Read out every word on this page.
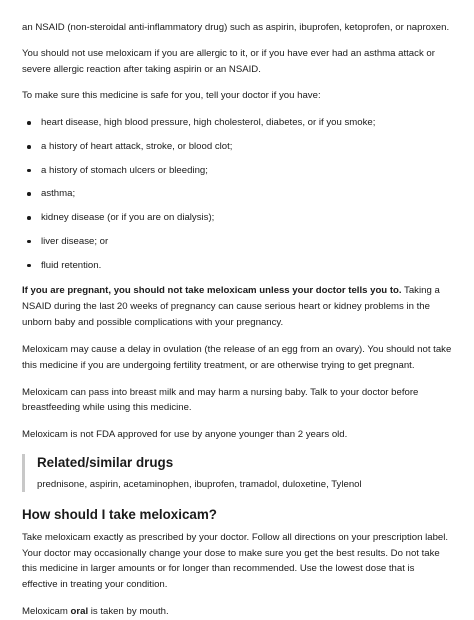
an NSAID (non-steroidal anti-inflammatory drug) such as aspirin, ibuprofen, ketoprofen, or naproxen.

You should not use meloxicam if you are allergic to it, or if you have ever had an asthma attack or severe allergic reaction after taking aspirin or an NSAID.

To make sure this medicine is safe for you, tell your doctor if you have:

heart disease, high blood pressure, high cholesterol, diabetes, or if you smoke;
a history of heart attack, stroke, or blood clot;
a history of stomach ulcers or bleeding;
asthma;
kidney disease (or if you are on dialysis);
liver disease; or
fluid retention.

If you are pregnant, you should not take meloxicam unless your doctor tells you to. Taking a NSAID during the last 20 weeks of pregnancy can cause serious heart or kidney problems in the unborn baby and possible complications with your pregnancy.

Meloxicam may cause a delay in ovulation (the release of an egg from an ovary). You should not take this medicine if you are undergoing fertility treatment, or are otherwise trying to get pregnant.

Meloxicam can pass into breast milk and may harm a nursing baby. Talk to your doctor before breastfeeding while using this medicine.

Meloxicam is not FDA approved for use by anyone younger than 2 years old.

Related/similar drugs

prednisone, aspirin, acetaminophen, ibuprofen, tramadol, duloxetine, Tylenol

How should I take meloxicam?

Take meloxicam exactly as prescribed by your doctor. Follow all directions on your prescription label. Your doctor may occasionally change your dose to make sure you get the best results. Do not take this medicine in larger amounts or for longer than recommended. Use the lowest dose that is effective in treating your condition.

Meloxicam oral is taken by mouth.
